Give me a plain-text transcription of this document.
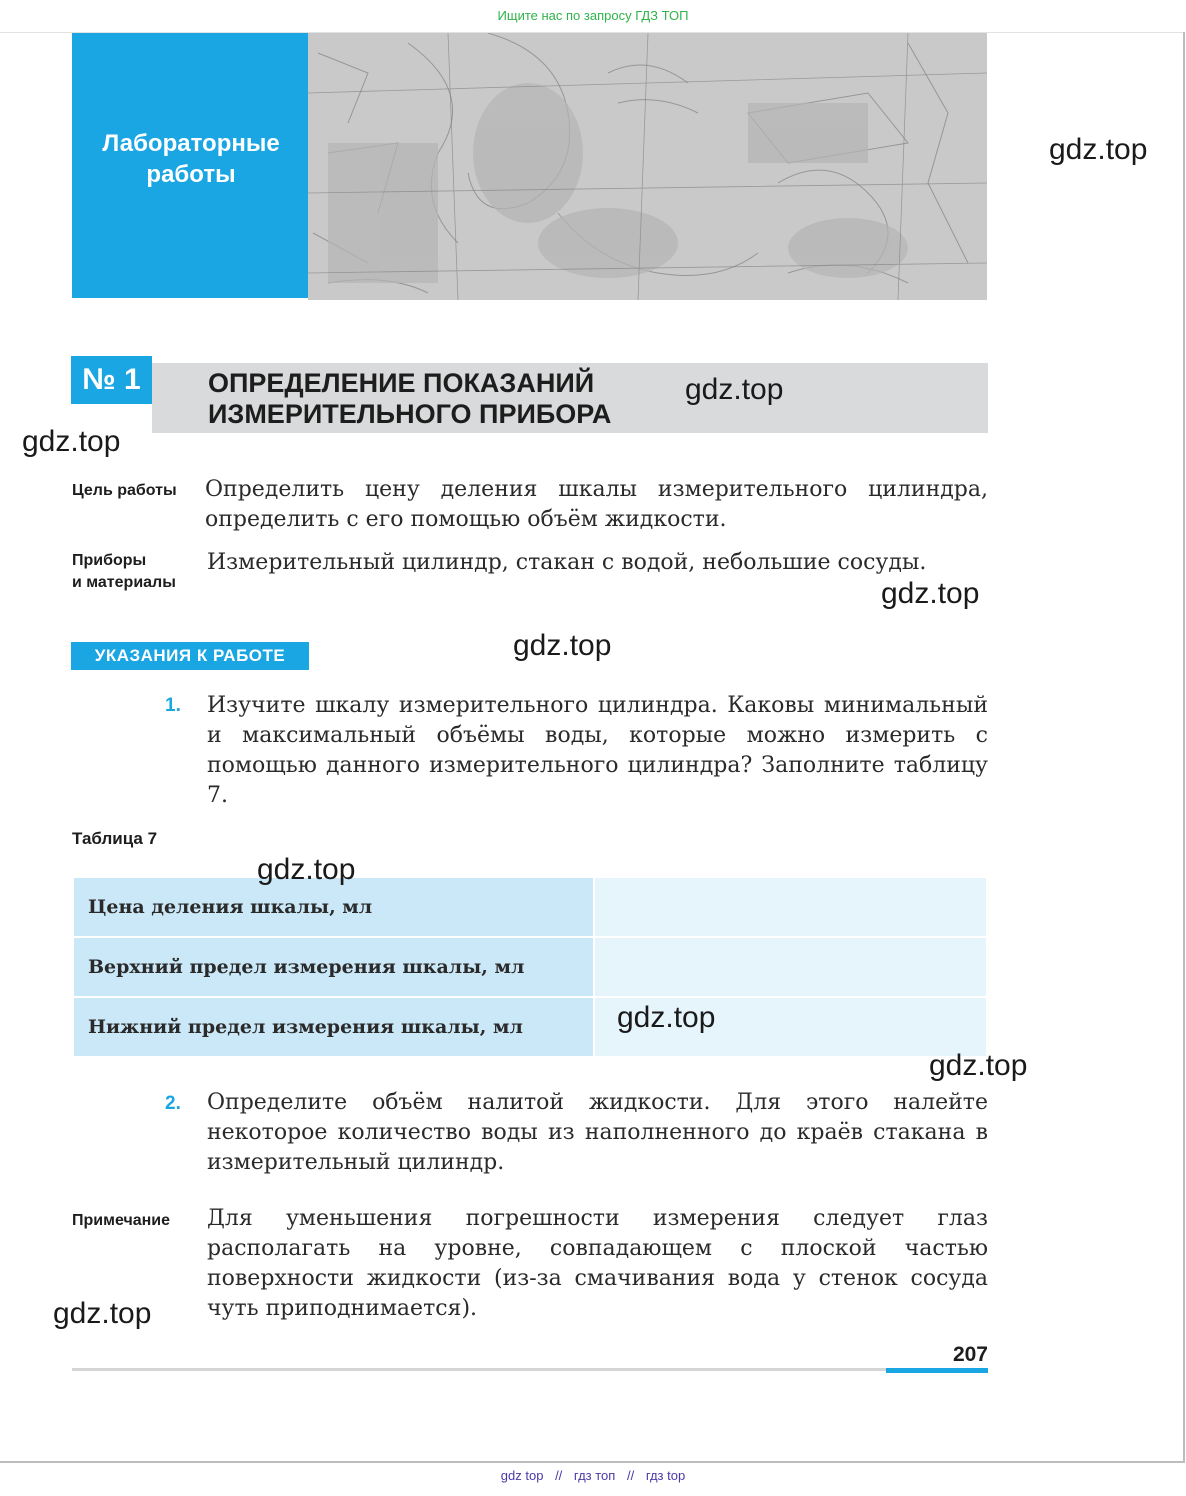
Ищите нас по запросу ГДЗ ТОП
Лабораторные
работы
№ 1	ОПРЕДЕЛЕНИЕ ПОКАЗАНИЙ
ИЗМЕРИТЕЛЬНОГО ПРИБОРА
Цель работы Определить цену деления шкалы измерительного цилиндра, определить с его помощью объём жидкости.
Приборы
и материалы
Измерительный цилиндр, стакан с водой, небольшие сосуды.
УКАЗАНИЯ К РАБОТЕ
1. Изучите шкалу измерительного цилиндра. Каковы минимальный и максимальный объёмы воды, которые можно измерить с помощью данного измерительного цилиндра? Заполните таблицу 7.
Таблица 7
Цена деления шкалы, мл	
Верхний предел измерения шкалы, мл	
Нижний предел измерения шкалы, мл	
2. Определите объём налитой жидкости. Для этого налейте некоторое количество воды из наполненного до краёв стакана в измерительный цилиндр.
Примечание Для уменьшения погрешности измерения следует глаз располагать на уровне, совпадающем с плоской частью поверхности жидкости (из-за смачивания вода у стенок сосуда чуть приподнимается).
207
gdz.top
gdz.top
gdz.top
gdz.top
gdz.top
gdz.top
gdz.top
gdz.top
gdz.top
gdz top // гдз топ // гдз top
